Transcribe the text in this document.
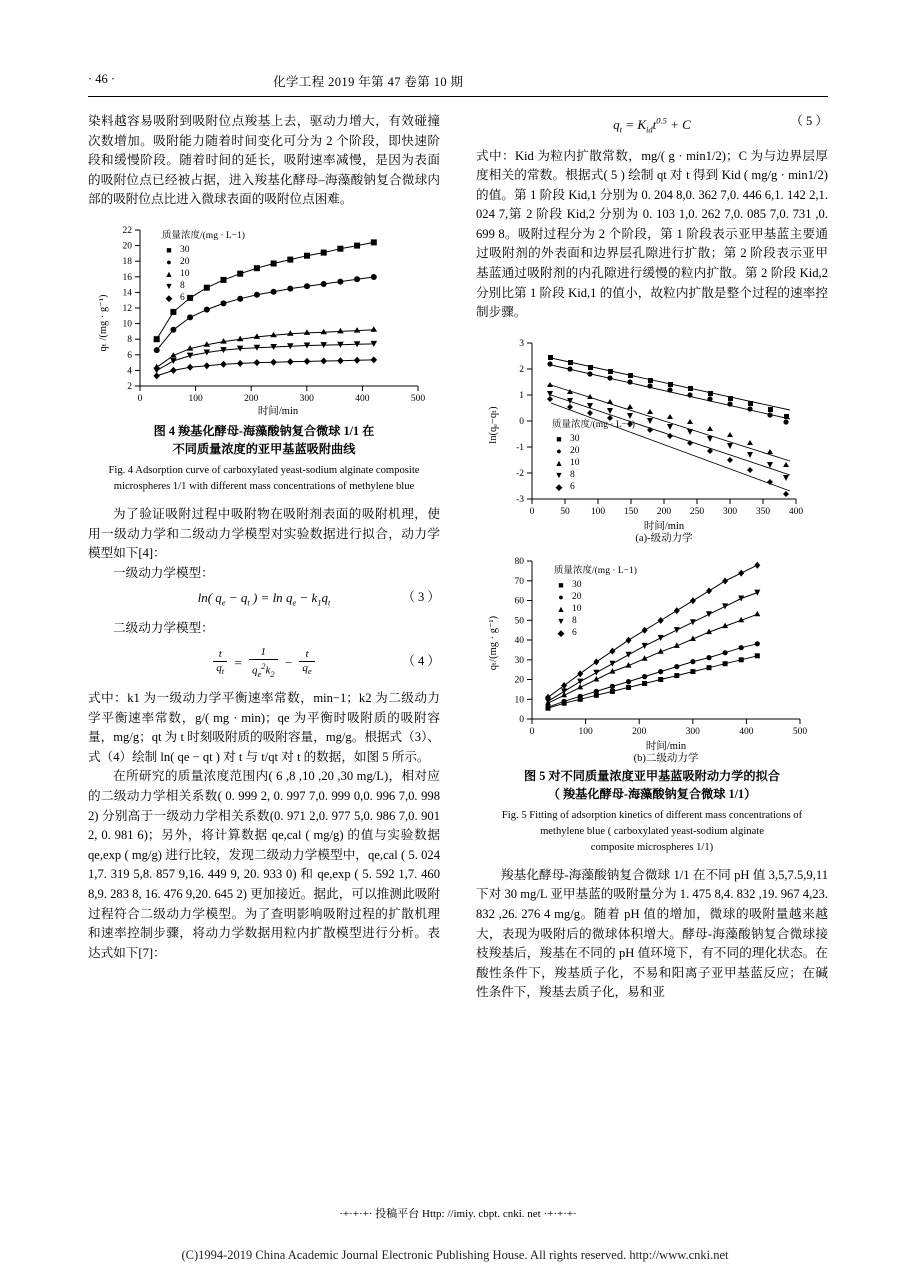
· 46 ·	化学工程 2019 年第 47 卷第 10 期

染料越容易吸附到吸附位点羧基上去，驱动力增大，有效碰撞次数增加。吸附能力随着时间变化可分为 2 个阶段，即快速阶段和缓慢阶段。随着时间的延长，吸附速率减慢，是因为表面的吸附位点已经被占据，进入羧基化酵母–海藻酸钠复合微球内部的吸附位点比进入微球表面的吸附位点困难。

2
4
6
8
10
12
14
16
18
20
22
0	100	200	300	400	500
qₜ /(mg · g⁻¹)
时间/min
质量浓度/(mg · L−1)
■ 30
● 20
▲ 10
▼ 8
◆ 6
图 4 羧基化酵母-海藻酸钠复合微球 1/1 在
不同质量浓度的亚甲基蓝吸附曲线
Fig. 4 Adsorption curve of carboxylated yeast-sodium alginate composite
microspheres 1/1 with different mass concentrations of methylene blue

为了验证吸附过程中吸附物在吸附剂表面的吸附机理，使用一级动力学和二级动力学模型对实验数据进行拟合，动力学模型如下[4]：

一级动力学模型：

ln( $q_e - q_t$ ) = $\ln q_e - k_1q_t$	（ 3 ）

二级动力学模型：

$\frac{t}{q_t} = \frac{1}{q_e^2k_2} - \frac{t}{q_e}$	（ 4 ）

式中：k1 为一级动力学平衡速率常数，min−1；k2 为二级动力学平衡速率常数，g/( mg · min)；qe 为平衡时吸附质的吸附容量，mg/g；qt 为 t 时刻吸附质的吸附容量，mg/g。根据式（3）、式（4）绘制 ln( qe − qt ) 对 t 与 t/qt 对 t 的数据，如图 5 所示。

在所研究的质量浓度范围内( 6 ,8 ,10 ,20 ,30 mg/L)，相对应的二级动力学相关系数( 0. 999 2, 0. 997 7,0. 999 0,0. 996 7,0. 998 2) 分别高于一级动力学相关系数(0. 971 2,0. 977 5,0. 986 7,0. 901 2, 0. 981 6)；另外，将计算数据 qe,cal ( mg/g) 的值与实验数据 qe,exp ( mg/g) 进行比较，发现二级动力学模型中，qe,cal ( 5. 024 1,7. 319 5,8. 857 9,16. 449 9, 20. 933 0) 和 qe,exp ( 5. 592 1,7. 460 8,9. 283 8, 16. 476 9,20. 645 2) 更加接近。据此，可以推测此吸附过程符合二级动力学模型。为了查明影响吸附过程的扩散机理和速率控制步骤，将动力学数据用粒内扩散模型进行分析。表达式如下[7]：

$q_t = K_{id}t^{0.5} + C$	（ 5 ）

式中：Kid 为粒内扩散常数，mg/( g · min1/2)；C 为与边界层厚度相关的常数。根据式( 5 ) 绘制 qt 对 t 得到 Kid ( mg/g · min1/2) 的值。第 1 阶段 Kid,1 分别为 0. 204 8,0. 362 7,0. 446 6,1. 142 2,1. 024 7,第 2 阶段 Kid,2 分别为 0. 103 1,0. 262 7,0. 085 7,0. 731 ,0. 699 8。吸附过程分为 2 个阶段，第 1 阶段表示亚甲基蓝主要通过吸附剂的外表面和边界层孔隙进行扩散；第 2 阶段表示亚甲基蓝通过吸附剂的内孔隙进行缓慢的粒内扩散。第 2 阶段 Kid,2 分别比第 1 阶段 Kid,1 的值小，故粒内扩散是整个过程的速率控制步骤。

-3
-2
-1
0
1
2
3
0	50 100 150 200 250 300 350 400
ln(qₑ−qₜ)
时间/min
(a)-级动力学
质量浓度/(mg · L−1)
■ 30
● 20
▲ 10
▼ 8
◆ 6
0
10
20
30
40
50
60
70
80
0	100	200	300	400	500
qₜ/(mg · g⁻¹)
时间/min
(b)二级动力学
质量浓度/(mg · L−1)
■ 30
● 20
▲ 10
▼ 8
◆ 6
图 5 对不同质量浓度亚甲基蓝吸附动力学的拟合
（ 羧基化酵母-海藻酸钠复合微球 1/1）
Fig. 5 Fitting of adsorption kinetics of different mass concentrations of
methylene blue ( carboxylated yeast-sodium alginate
composite microspheres 1/1)

羧基化酵母-海藻酸钠复合微球 1/1 在不同 pH 值 3,5,7.5,9,11 下对 30 mg/L 亚甲基蓝的吸附量分为 1. 475 8,4. 832 ,19. 967 4,23. 832 ,26. 276 4 mg/g。随着 pH 值的增加，微球的吸附量越来越大，表现为吸附后的微球体积增大。酵母-海藻酸钠复合微球接枝羧基后，羧基在不同的 pH 值环境下，有不同的理化状态。在酸性条件下，羧基质子化，不易和阳离子亚甲基蓝反应；在碱性条件下，羧基去质子化，易和亚

·+·+·+· 投稿平台 Http: //imiy. cbpt. cnki. net ·+·+·+·
(C)1994-2019 China Academic Journal Electronic Publishing House. All rights reserved. http://www.cnki.net
